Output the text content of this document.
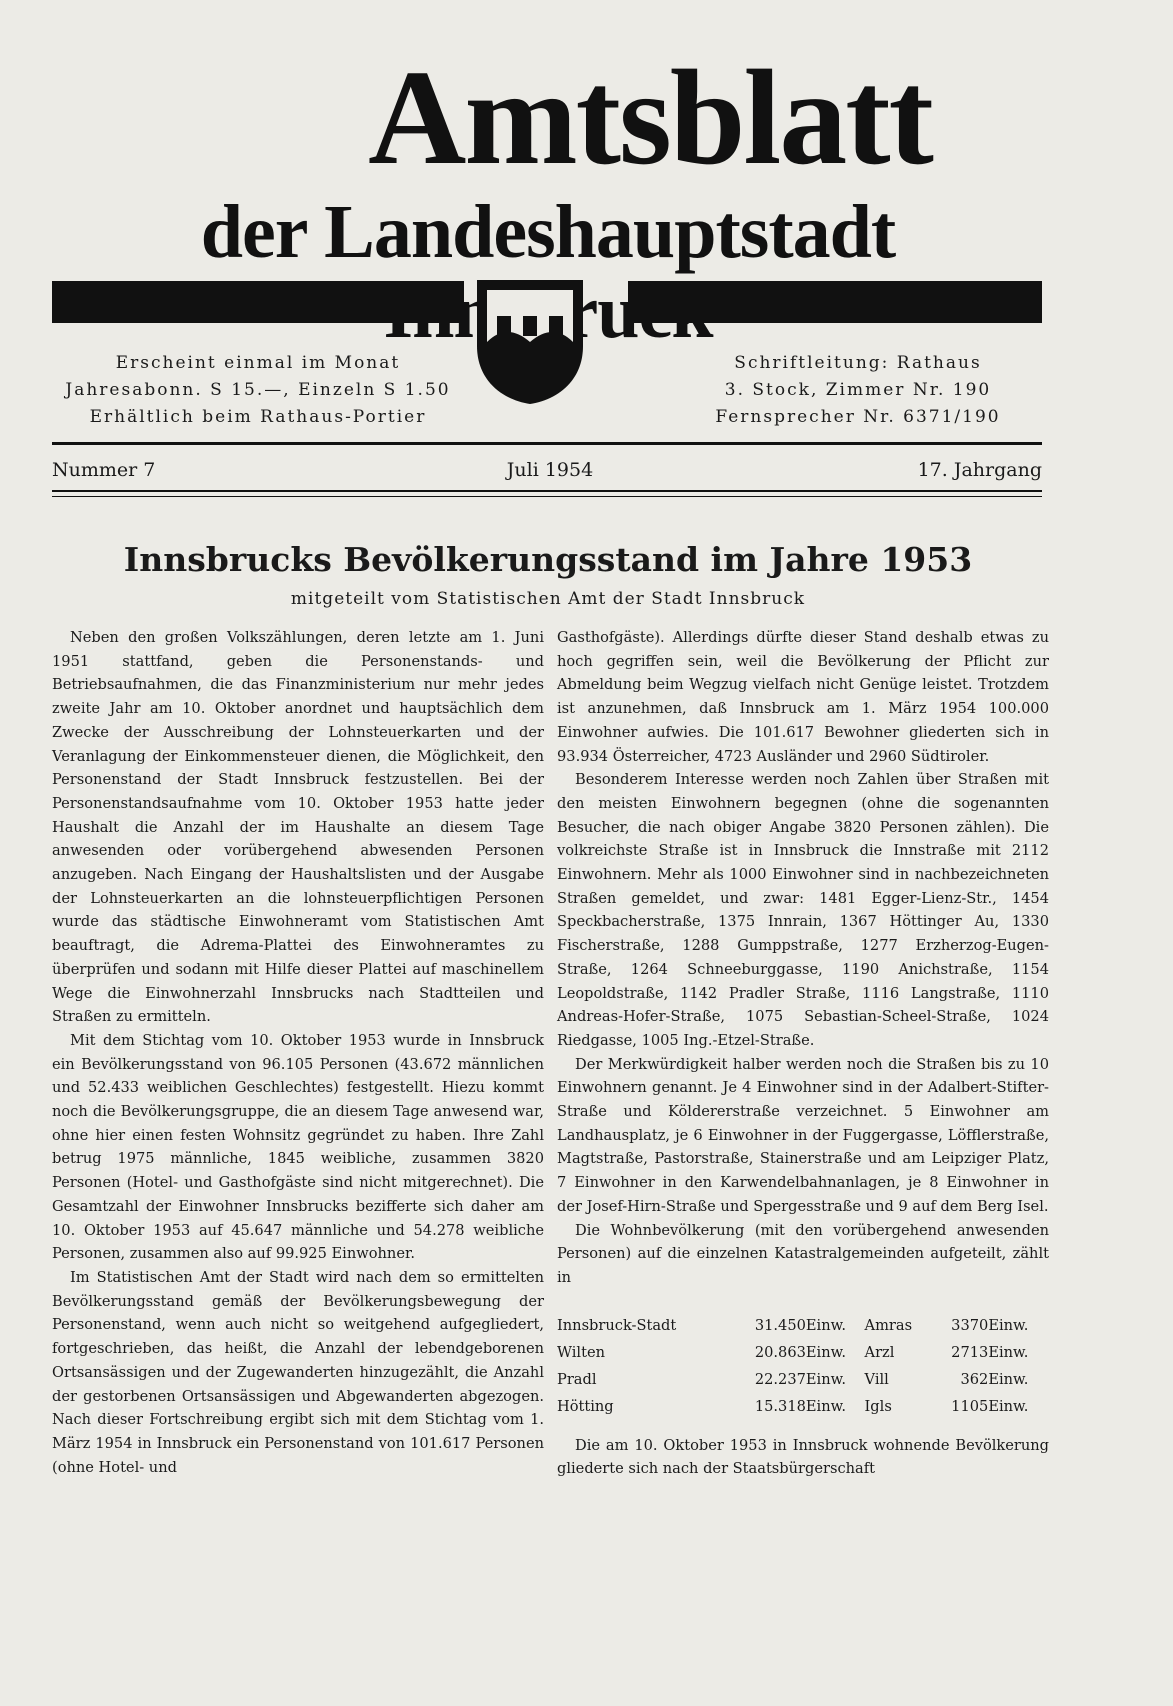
Amtsblatt
der Landeshauptstadt
Erscheint einmal im Monat
Jahresabonn. S 15.—, Einzeln S 1.50
Erhältlich beim Rathaus-Portier
Schriftleitung: Rathaus
3. Stock, Zimmer Nr. 190
Fernsprecher Nr. 6371/190
Nummer 7	Juli 1954	17. Jahrgang
Innsbrucks Bevölkerungsstand im Jahre 1953
mitgeteilt vom Statistischen Amt der Stadt Innsbruck

Neben den großen Volkszählungen, deren letzte am 1. Juni 1951 stattfand, geben die Personenstands- und Betriebsaufnahmen, die das Finanzministerium nur mehr jedes zweite Jahr am 10. Oktober anordnet und hauptsächlich dem Zwecke der Ausschreibung der Lohnsteuerkarten und der Veranlagung der Einkommensteuer dienen, die Möglichkeit, den Personenstand der Stadt Innsbruck festzustellen. Bei der Personenstandsaufnahme vom 10. Oktober 1953 hatte jeder Haushalt die Anzahl der im Haushalte an diesem Tage anwesenden oder vorübergehend abwesenden Personen anzugeben. Nach Eingang der Haushaltslisten und der Ausgabe der Lohnsteuerkarten an die lohnsteuerpflichtigen Personen wurde das städtische Einwohneramt vom Statistischen Amt beauftragt, die Adrema-Plattei des Einwohneramtes zu überprüfen und sodann mit Hilfe dieser Plattei auf maschinellem Wege die Einwohnerzahl Innsbrucks nach Stadtteilen und Straßen zu ermitteln.

Mit dem Stichtag vom 10. Oktober 1953 wurde in Innsbruck ein Bevölkerungsstand von 96.105 Personen (43.672 männlichen und 52.433 weiblichen Geschlechtes) festgestellt. Hiezu kommt noch die Bevölkerungsgruppe, die an diesem Tage anwesend war, ohne hier einen festen Wohnsitz gegründet zu haben. Ihre Zahl betrug 1975 männliche, 1845 weibliche, zusammen 3820 Personen (Hotel- und Gasthofgäste sind nicht mitgerechnet). Die Gesamtzahl der Einwohner Innsbrucks bezifferte sich daher am 10. Oktober 1953 auf 45.647 männliche und 54.278 weibliche Personen, zusammen also auf 99.925 Einwohner.

Im Statistischen Amt der Stadt wird nach dem so ermittelten Bevölkerungsstand gemäß der Bevölkerungsbewegung der Personenstand, wenn auch nicht so weitgehend aufgegliedert, fortgeschrieben, das heißt, die Anzahl der lebendgeborenen Ortsansässigen und der Zugewanderten hinzugezählt, die Anzahl der gestorbenen Ortsansässigen und Abgewanderten abgezogen. Nach dieser Fortschreibung ergibt sich mit dem Stichtag vom 1. März 1954 in Innsbruck ein Personenstand von 101.617 Personen (ohne Hotel- und

Gasthofgäste). Allerdings dürfte dieser Stand deshalb etwas zu hoch gegriffen sein, weil die Bevölkerung der Pflicht zur Abmeldung beim Wegzug vielfach nicht Genüge leistet. Trotzdem ist anzunehmen, daß Innsbruck am 1. März 1954 100.000 Einwohner aufwies. Die 101.617 Bewohner gliederten sich in 93.934 Österreicher, 4723 Ausländer und 2960 Südtiroler.

Besonderem Interesse werden noch Zahlen über Straßen mit den meisten Einwohnern begegnen (ohne die sogenannten Besucher, die nach obiger Angabe 3820 Personen zählen). Die volkreichste Straße ist in Innsbruck die Innstraße mit 2112 Einwohnern. Mehr als 1000 Einwohner sind in nachbezeichneten Straßen gemeldet, und zwar: 1481 Egger-Lienz-Str., 1454 Speckbacherstraße, 1375 Innrain, 1367 Höttinger Au, 1330 Fischerstraße, 1288 Gumppstraße, 1277 Erzherzog-Eugen-Straße, 1264 Schneeburggasse, 1190 Anichstraße, 1154 Leopoldstraße, 1142 Pradler Straße, 1116 Langstraße, 1110 Andreas-Hofer-Straße, 1075 Sebastian-Scheel-Straße, 1024 Riedgasse, 1005 Ing.-Etzel-Straße.

Der Merkwürdigkeit halber werden noch die Straßen bis zu 10 Einwohnern genannt. Je 4 Einwohner sind in der Adalbert-Stifter-Straße und Köldererstraße verzeichnet. 5 Einwohner am Landhausplatz, je 6 Einwohner in der Fuggergasse, Löfflerstraße, Magtstraße, Pastorstraße, Stainerstraße und am Leipziger Platz, 7 Einwohner in den Karwendelbahnanlagen, je 8 Einwohner in der Josef-Hirn-Straße und Spergesstraße und 9 auf dem Berg Isel.

Die Wohnbevölkerung (mit den vorübergehend anwesenden Personen) auf die einzelnen Katastralgemeinden aufgeteilt, zählt in

Innsbruck-Stadt	31.450	Einw.	Amras	3370	Einw.
Wilten	20.863	Einw.	Arzl	2713	Einw.
Pradl	22.237	Einw.	Vill	362	Einw.
Hötting	15.318	Einw.	Igls	1105	Einw.

Die am 10. Oktober 1953 in Innsbruck wohnende Bevölkerung gliederte sich nach der Staatsbürgerschaft
